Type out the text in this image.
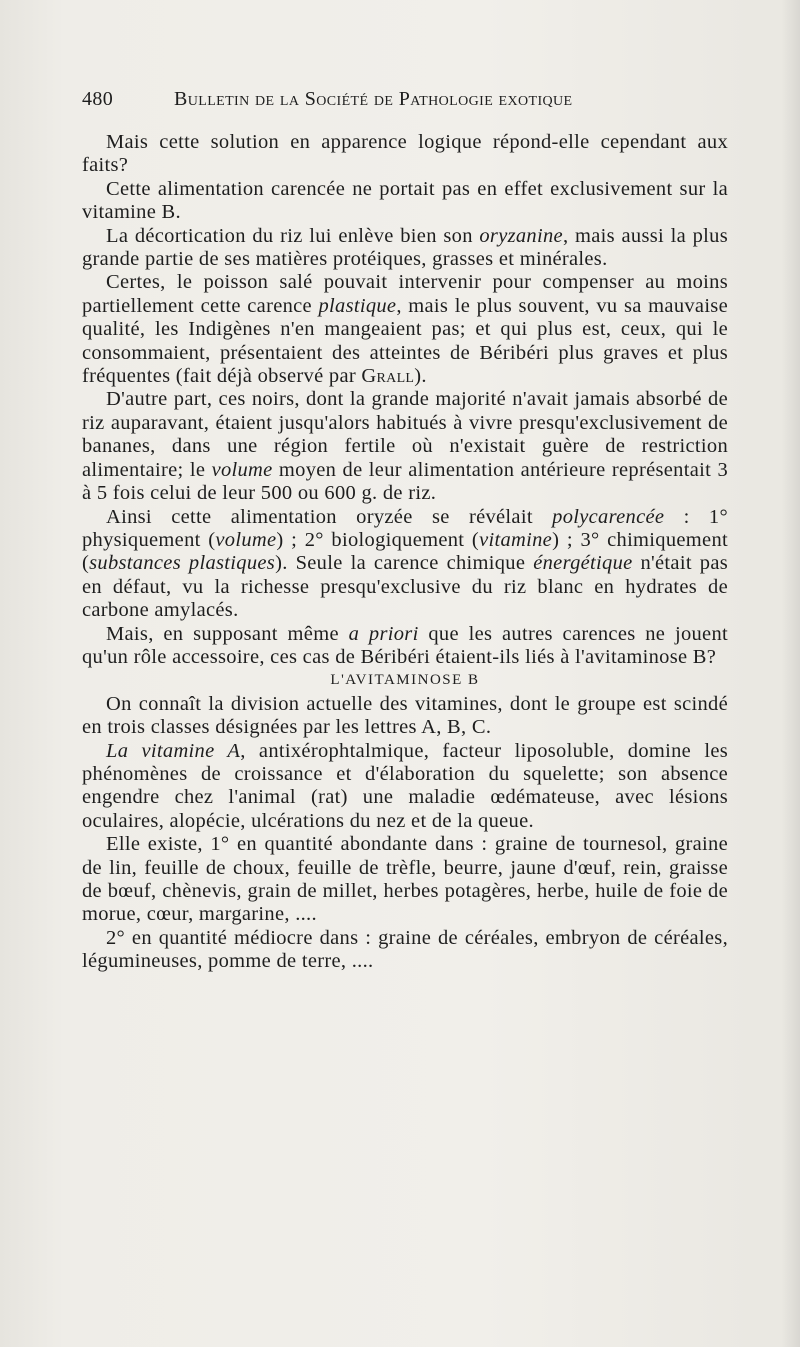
480	Bulletin de la Société de Pathologie exotique

Mais cette solution en apparence logique répond-elle cependant aux faits?

Cette alimentation carencée ne portait pas en effet exclusivement sur la vitamine B.

La décortication du riz lui enlève bien son oryzanine, mais aussi la plus grande partie de ses matières protéiques, grasses et minérales.

Certes, le poisson salé pouvait intervenir pour compenser au moins partiellement cette carence plastique, mais le plus souvent, vu sa mauvaise qualité, les Indigènes n'en mangeaient pas; et qui plus est, ceux, qui le consommaient, présentaient des atteintes de Béribéri plus graves et plus fréquentes (fait déjà observé par Grall).

D'autre part, ces noirs, dont la grande majorité n'avait jamais absorbé de riz auparavant, étaient jusqu'alors habitués à vivre presqu'exclusivement de bananes, dans une région fertile où n'existait guère de restriction alimentaire; le volume moyen de leur alimentation antérieure représentait 3 à 5 fois celui de leur 500 ou 600 g. de riz.

Ainsi cette alimentation oryzée se révélait polycarencée : 1° physiquement (volume) ; 2° biologiquement (vitamine) ; 3° chimiquement (substances plastiques). Seule la carence chimique énergétique n'était pas en défaut, vu la richesse presqu'exclusive du riz blanc en hydrates de carbone amylacés.

Mais, en supposant même a priori que les autres carences ne jouent qu'un rôle accessoire, ces cas de Béribéri étaient-ils liés à l'avitaminose B?

L'AVITAMINOSE B

On connaît la division actuelle des vitamines, dont le groupe est scindé en trois classes désignées par les lettres A, B, C.

La vitamine A, antixérophtalmique, facteur liposoluble, domine les phénomènes de croissance et d'élaboration du squelette; son absence engendre chez l'animal (rat) une maladie œdémateuse, avec lésions oculaires, alopécie, ulcérations du nez et de la queue.

Elle existe, 1° en quantité abondante dans : graine de tournesol, graine de lin, feuille de choux, feuille de trèfle, beurre, jaune d'œuf, rein, graisse de bœuf, chènevis, grain de millet, herbes potagères, herbe, huile de foie de morue, cœur, margarine, ....

2° en quantité médiocre dans : graine de céréales, embryon de céréales, légumineuses, pomme de terre, ....
